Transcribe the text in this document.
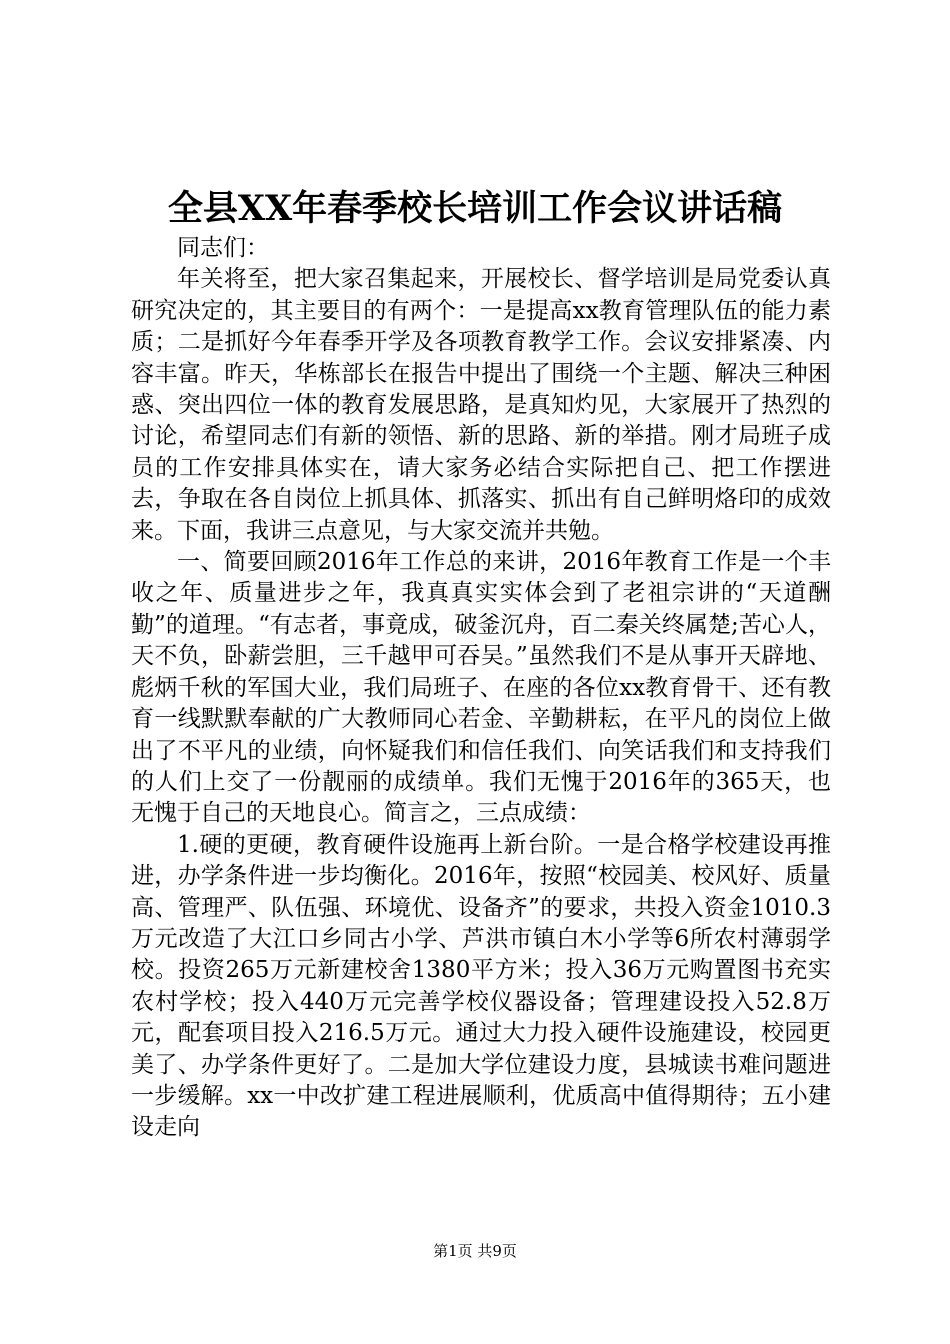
全县XX年春季校长培训工作会议讲话稿

同志们：

年关将至，把大家召集起来，开展校长、督学培训是局党委认真研究决定的，其主要目的有两个：一是提高xx教育管理队伍的能力素质；二是抓好今年春季开学及各项教育教学工作。会议安排紧凑、内容丰富。昨天，华栋部长在报告中提出了围绕一个主题、解决三种困惑、突出四位一体的教育发展思路，是真知灼见，大家展开了热烈的讨论，希望同志们有新的领悟、新的思路、新的举措。刚才局班子成员的工作安排具体实在，请大家务必结合实际把自己、把工作摆进去，争取在各自岗位上抓具体、抓落实、抓出有自己鲜明烙印的成效来。下面，我讲三点意见，与大家交流并共勉。

一、简要回顾2016年工作总的来讲，2016年教育工作是一个丰收之年、质量进步之年，我真真实实体会到了老祖宗讲的“天道酬勤”的道理。“有志者，事竟成，破釜沉舟，百二秦关终属楚;苦心人，天不负，卧薪尝胆，三千越甲可吞吴。”虽然我们不是从事开天辟地、彪炳千秋的军国大业，我们局班子、在座的各位xx教育骨干、还有教育一线默默奉献的广大教师同心若金、辛勤耕耘，在平凡的岗位上做出了不平凡的业绩，向怀疑我们和信任我们、向笑话我们和支持我们的人们上交了一份靓丽的成绩单。我们无愧于2016年的365天，也无愧于自己的天地良心。简言之，三点成绩：

1.硬的更硬，教育硬件设施再上新台阶。一是合格学校建设再推进，办学条件进一步均衡化。2016年，按照“校园美、校风好、质量高、管理严、队伍强、环境优、设备齐”的要求，共投入资金1010.3万元改造了大江口乡同古小学、芦洪市镇白木小学等6所农村薄弱学校。投资265万元新建校舍1380平方米；投入36万元购置图书充实农村学校；投入440万元完善学校仪器设备；管理建设投入52.8万元，配套项目投入216.5万元。通过大力投入硬件设施建设，校园更美了、办学条件更好了。二是加大学位建设力度，县城读书难问题进一步缓解。xx一中改扩建工程进展顺利，优质高中值得期待；五小建设走向

第1页 共9页
